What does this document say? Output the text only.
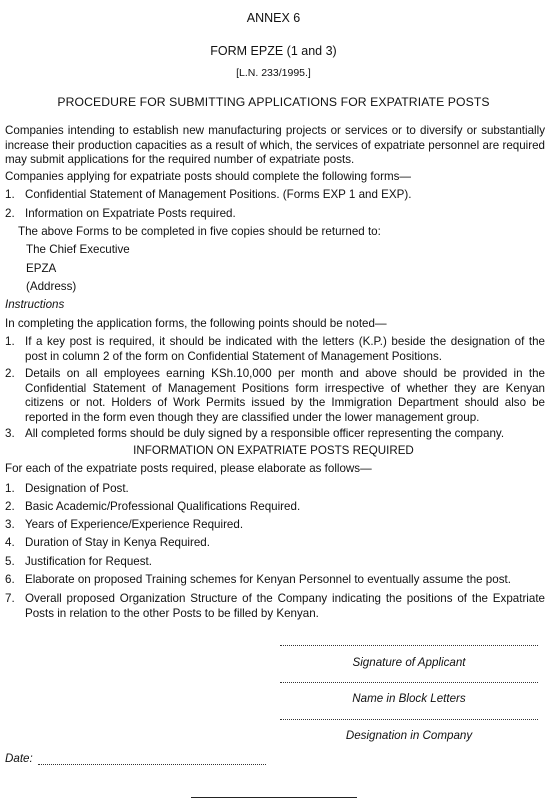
ANNEX 6
FORM EPZE (1 and 3)
[L.N. 233/1995.]
PROCEDURE FOR SUBMITTING APPLICATIONS FOR EXPATRIATE POSTS
Companies intending to establish new manufacturing projects or services or to diversify or substantially increase their production capacities as a result of which, the services of expatriate personnel are required may submit applications for the required number of expatriate posts.
Companies applying for expatriate posts should complete the following forms—
1. Confidential Statement of Management Positions. (Forms EXP 1 and EXP).
2. Information on Expatriate Posts required.
The above Forms to be completed in five copies should be returned to:
The Chief Executive
EPZA
(Address)
Instructions
In completing the application forms, the following points should be noted—
1. If a key post is required, it should be indicated with the letters (K.P.) beside the designation of the post in column 2 of the form on Confidential Statement of Management Positions.
2. Details on all employees earning KSh.10,000 per month and above should be provided in the Confidential Statement of Management Positions form irrespective of whether they are Kenyan citizens or not. Holders of Work Permits issued by the Immigration Department should also be reported in the form even though they are classified under the lower management group.
3. All completed forms should be duly signed by a responsible officer representing the company.
INFORMATION ON EXPATRIATE POSTS REQUIRED
For each of the expatriate posts required, please elaborate as follows—
1. Designation of Post.
2. Basic Academic/Professional Qualifications Required.
3. Years of Experience/Experience Required.
4. Duration of Stay in Kenya Required.
5. Justification for Request.
6. Elaborate on proposed Training schemes for Kenyan Personnel to eventually assume the post.
7. Overall proposed Organization Structure of the Company indicating the positions of the Expatriate Posts in relation to the other Posts to be filled by Kenyan.
Signature of Applicant
Name in Block Letters
Designation in Company
Date:
